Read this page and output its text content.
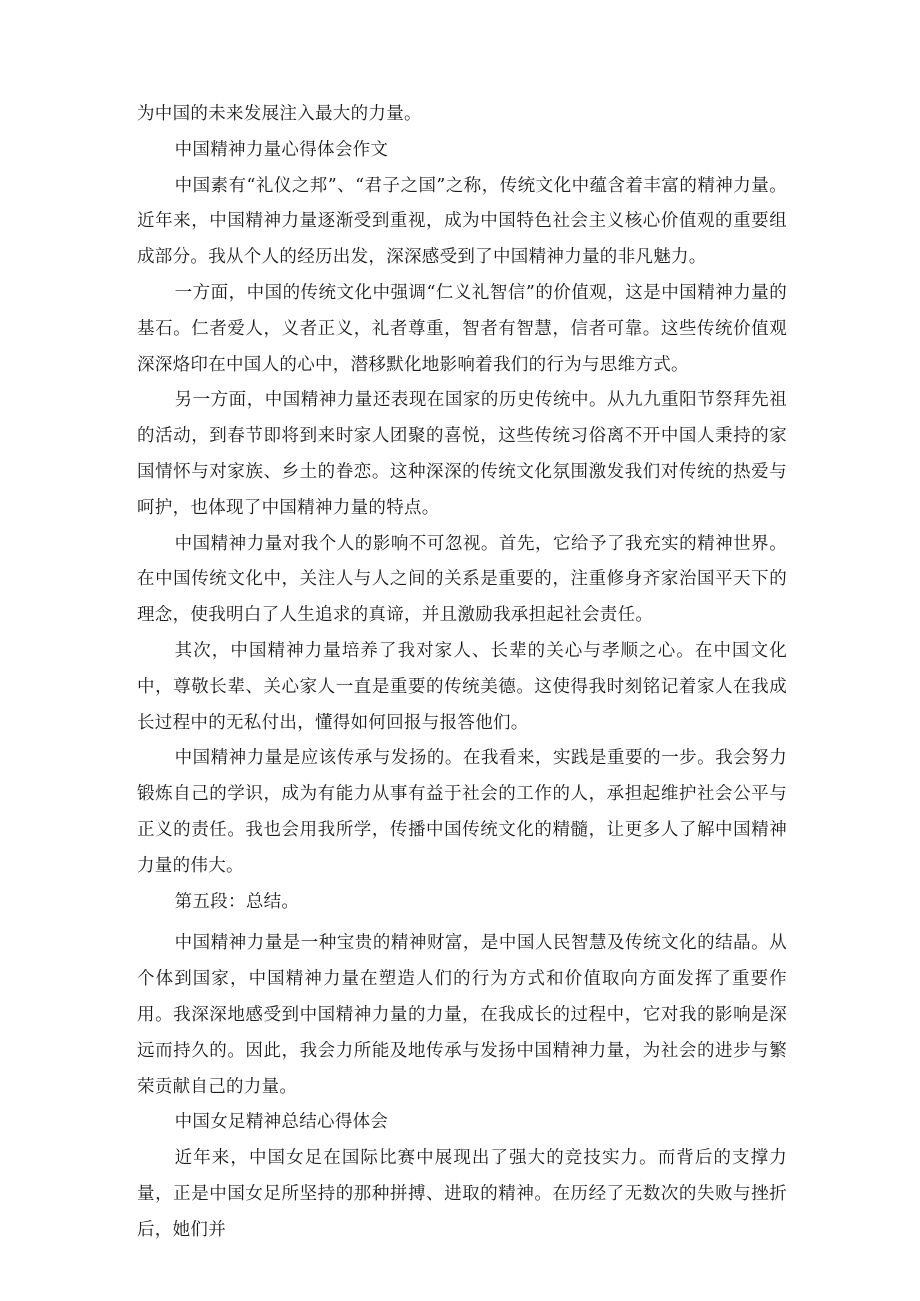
为中国的未来发展注入最大的力量。

中国精神力量心得体会作文

中国素有“礼仪之邦”、“君子之国”之称，传统文化中蕴含着丰富的精神力量。近年来，中国精神力量逐渐受到重视，成为中国特色社会主义核心价值观的重要组成部分。我从个人的经历出发，深深感受到了中国精神力量的非凡魅力。

一方面，中国的传统文化中强调“仁义礼智信”的价值观，这是中国精神力量的基石。仁者爱人，义者正义，礼者尊重，智者有智慧，信者可靠。这些传统价值观深深烙印在中国人的心中，潜移默化地影响着我们的行为与思维方式。

另一方面，中国精神力量还表现在国家的历史传统中。从九九重阳节祭拜先祖的活动，到春节即将到来时家人团聚的喜悦，这些传统习俗离不开中国人秉持的家国情怀与对家族、乡土的眷恋。这种深深的传统文化氛围激发我们对传统的热爱与呵护，也体现了中国精神力量的特点。

中国精神力量对我个人的影响不可忽视。首先，它给予了我充实的精神世界。在中国传统文化中，关注人与人之间的关系是重要的，注重修身齐家治国平天下的理念，使我明白了人生追求的真谛，并且激励我承担起社会责任。

其次，中国精神力量培养了我对家人、长辈的关心与孝顺之心。在中国文化中，尊敬长辈、关心家人一直是重要的传统美德。这使得我时刻铭记着家人在我成长过程中的无私付出，懂得如何回报与报答他们。

中国精神力量是应该传承与发扬的。在我看来，实践是重要的一步。我会努力锻炼自己的学识，成为有能力从事有益于社会的工作的人，承担起维护社会公平与正义的责任。我也会用我所学，传播中国传统文化的精髓，让更多人了解中国精神力量的伟大。

第五段：总结。

中国精神力量是一种宝贵的精神财富，是中国人民智慧及传统文化的结晶。从个体到国家，中国精神力量在塑造人们的行为方式和价值取向方面发挥了重要作用。我深深地感受到中国精神力量的力量，在我成长的过程中，它对我的影响是深远而持久的。因此，我会力所能及地传承与发扬中国精神力量，为社会的进步与繁荣贡献自己的力量。

中国女足精神总结心得体会

近年来，中国女足在国际比赛中展现出了强大的竞技实力。而背后的支撑力量，正是中国女足所坚持的那种拼搏、进取的精神。在历经了无数次的失败与挫折后，她们并
